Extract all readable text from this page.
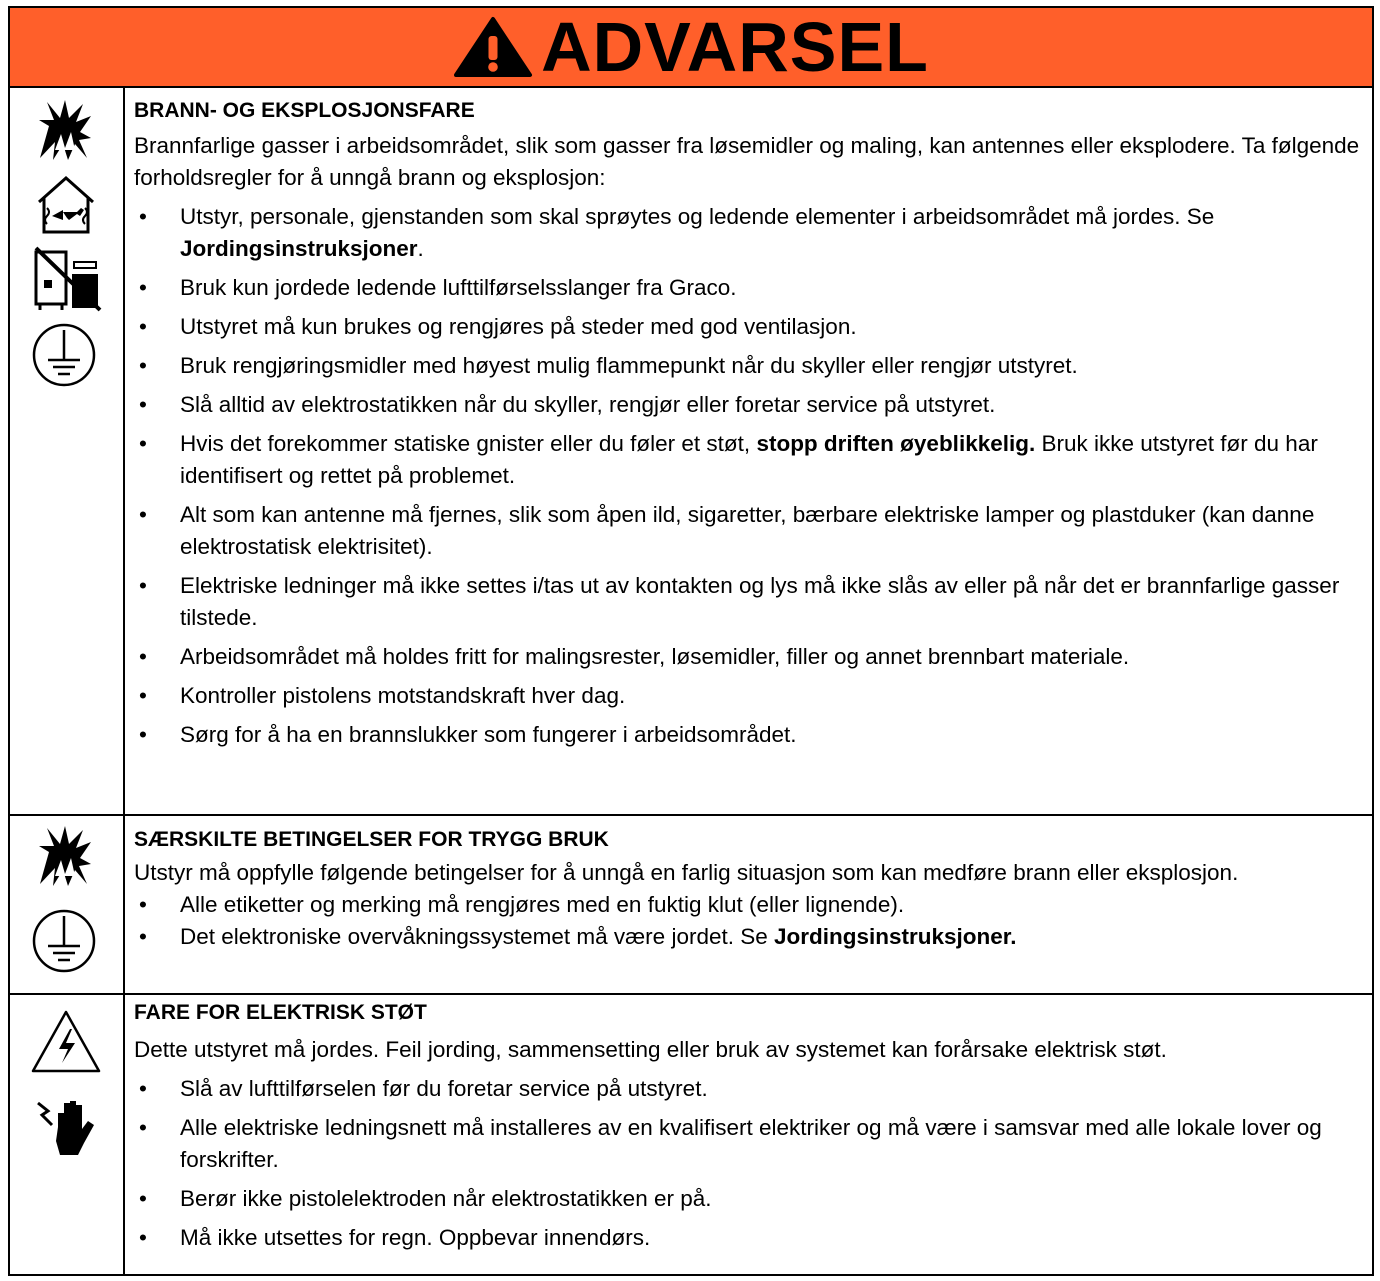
ADVARSEL

BRANN- OG EKSPLOSJONSFARE

Brannfarlige gasser i arbeidsområdet, slik som gasser fra løsemidler og maling, kan antennes eller eksplodere. Ta følgende forholdsregler for å unngå brann og eksplosjon:

• Utstyr, personale, gjenstanden som skal sprøytes og ledende elementer i arbeidsområdet må jordes. Se Jordingsinstruksjoner.
• Bruk kun jordede ledende lufttilførselsslanger fra Graco.
• Utstyret må kun brukes og rengjøres på steder med god ventilasjon.
• Bruk rengjøringsmidler med høyest mulig flammepunkt når du skyller eller rengjør utstyret.
• Slå alltid av elektrostatikken når du skyller, rengjør eller foretar service på utstyret.
• Hvis det forekommer statiske gnister eller du føler et støt, stopp driften øyeblikkelig. Bruk ikke utstyret før du har identifisert og rettet på problemet.
• Alt som kan antenne må fjernes, slik som åpen ild, sigaretter, bærbare elektriske lamper og plastduker (kan danne elektrostatisk elektrisitet).
• Elektriske ledninger må ikke settes i/tas ut av kontakten og lys må ikke slås av eller på når det er brannfarlige gasser tilstede.
• Arbeidsområdet må holdes fritt for malingsrester, løsemidler, filler og annet brennbart materiale.
• Kontroller pistolens motstandskraft hver dag.
• Sørg for å ha en brannslukker som fungerer i arbeidsområdet.

SÆRSKILTE BETINGELSER FOR TRYGG BRUK

Utstyr må oppfylle følgende betingelser for å unngå en farlig situasjon som kan medføre brann eller eksplosjon.

• Alle etiketter og merking må rengjøres med en fuktig klut (eller lignende).
• Det elektroniske overvåkningssystemet må være jordet. Se Jordingsinstruksjoner.

FARE FOR ELEKTRISK STØT

Dette utstyret må jordes. Feil jording, sammensetting eller bruk av systemet kan forårsake elektrisk støt.

• Slå av lufttilførselen før du foretar service på utstyret.
• Alle elektriske ledningsnett må installeres av en kvalifisert elektriker og må være i samsvar med alle lokale lover og forskrifter.
• Berør ikke pistolelektroden når elektrostatikken er på.
• Må ikke utsettes for regn. Oppbevar innendørs.
